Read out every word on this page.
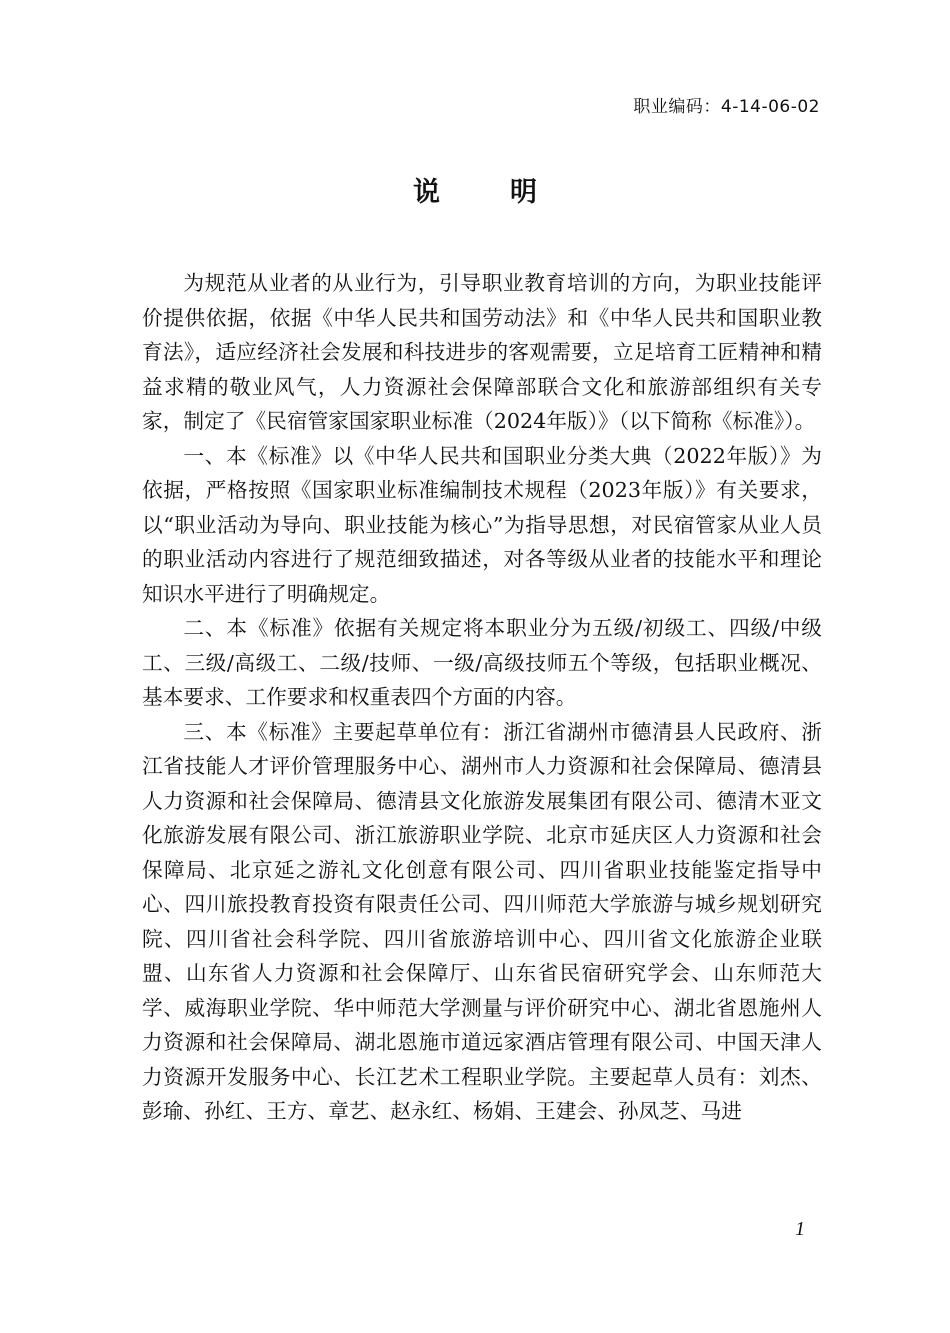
职业编码：4-14-06-02
说明

为规范从业者的从业行为，引导职业教育培训的方向，为职业技能评价提供依据，依据《中华人民共和国劳动法》和《中华人民共和国职业教育法》，适应经济社会发展和科技进步的客观需要，立足培育工匠精神和精益求精的敬业风气，人力资源社会保障部联合文化和旅游部组织有关专家，制定了《民宿管家国家职业标准（2024年版）》（以下简称《标准》）。

一、本《标准》以《中华人民共和国职业分类大典（2022年版）》为依据，严格按照《国家职业标准编制技术规程（2023年版）》有关要求，以“职业活动为导向、职业技能为核心”为指导思想，对民宿管家从业人员的职业活动内容进行了规范细致描述，对各等级从业者的技能水平和理论知识水平进行了明确规定。

二、本《标准》依据有关规定将本职业分为五级/初级工、四级/中级工、三级/高级工、二级/技师、一级/高级技师五个等级，包括职业概况、基本要求、工作要求和权重表四个方面的内容。

三、本《标准》主要起草单位有：浙江省湖州市德清县人民政府、浙江省技能人才评价管理服务中心、湖州市人力资源和社会保障局、德清县人力资源和社会保障局、德清县文化旅游发展集团有限公司、德清木亚文化旅游发展有限公司、浙江旅游职业学院、北京市延庆区人力资源和社会保障局、北京延之游礼文化创意有限公司、四川省职业技能鉴定指导中心、四川旅投教育投资有限责任公司、四川师范大学旅游与城乡规划研究院、四川省社会科学院、四川省旅游培训中心、四川省文化旅游企业联盟、山东省人力资源和社会保障厅、山东省民宿研究学会、山东师范大学、威海职业学院、华中师范大学测量与评价研究中心、湖北省恩施州人力资源和社会保障局、湖北恩施市道远家酒店管理有限公司、中国天津人力资源开发服务中心、长江艺术工程职业学院。主要起草人员有：刘杰、彭瑜、孙红、王方、章艺、赵永红、杨娟、王建会、孙凤芝、马进

1
